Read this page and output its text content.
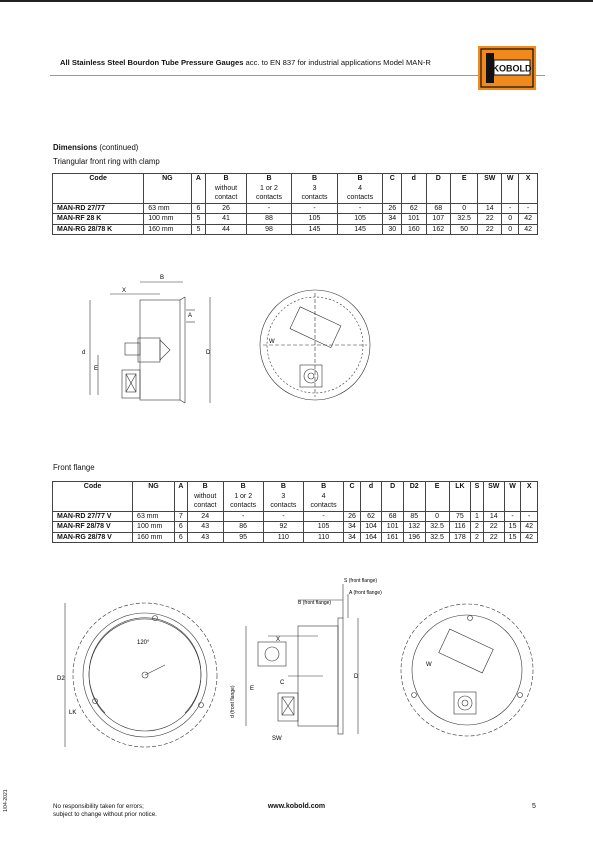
All Stainless Steel Bourdon Tube Pressure Gauges acc. to EN 837 for industrial applications Model MAN-R
KOBOLD
Dimensions (continued)
Triangular front ring with clamp
Code	NG	A	B
without
contact	B
1 or 2
contacts	B
3
contacts	B
4
contacts	C	d	D	E	SW	W	X

MAN-RD 27/77	63 mm	6	26	-	-	-	26	62	68	0	14	-	-
MAN-RF 28 K	100 mm	5	41	88	105	105	34	101	107	32.5	22	0	42
MAN-RG 28/78 K	160 mm	5	44	98	145	145	30	160	162	50	22	0	42
B
X
A
d	D
E
W
Front flange
Code	NG	A	B
without
contact	B
1 or 2
contacts	B
3
contacts	B
4
contacts	C	d	D	D2	E	LK	S	SW	W	X

MAN-RD 27/77 V	63 mm	7	24	-	-	-	26	62	68	85	0	75	1	14	-	-
MAN-RF 28/78 V	100 mm	6	43	86	92	105	34	104	101	132	32.5	116	2	22	15	42
MAN-RG 28/78 V	160 mm	6	43	95	110	110	34	164	161	196	32.5	178	2	22	15	42
D2
LK
120°
S (front flange)
A (front flange)
B (front flange)
X
C
E
d (front flange)
D
SW
W
No responsibility taken for errors;
subject to change without prior notice.
www.kobold.com	5
1/04-2021
